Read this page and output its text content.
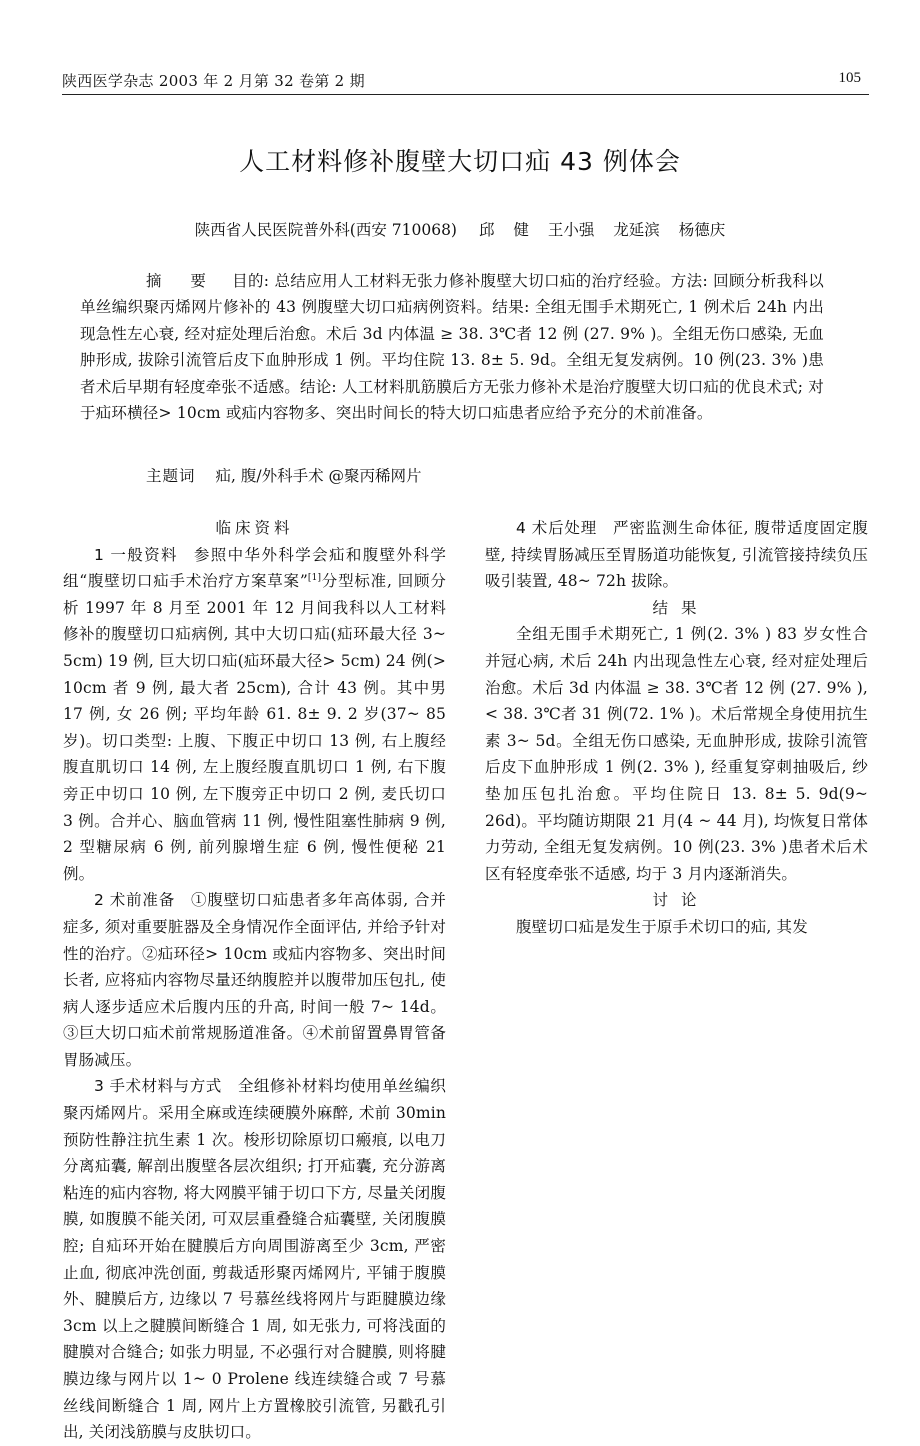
陕西医学杂志 2003 年 2 月第 32 卷第 2 期	105
人工材料修补腹壁大切口疝 43 例体会
陕西省人民医院普外科(西安 710068) 邱 健 王小强 龙延滨 杨德庆
摘 要 目的: 总结应用人工材料无张力修补腹壁大切口疝的治疗经验。方法: 回顾分析我科以单丝编织聚丙烯网片修补的 43 例腹壁大切口疝病例资料。结果: 全组无围手术期死亡, 1 例术后 24h 内出现急性左心衰, 经对症处理后治愈。术后 3d 内体温 ≥ 38. 3℃者 12 例 (27. 9% )。全组无伤口感染, 无血肿形成, 拔除引流管后皮下血肿形成 1 例。平均住院 13. 8± 5. 9d。全组无复发病例。10 例(23. 3% )患者术后早期有轻度牵张不适感。结论: 人工材料肌筋膜后方无张力修补术是治疗腹壁大切口疝的优良术式; 对于疝环横径> 10cm 或疝内容物多、突出时间长的特大切口疝患者应给予充分的术前准备。
主题词 疝, 腹/外科手术 @聚丙稀网片

临床资料

1 一般资料 参照中华外科学会疝和腹壁外科学组“腹壁切口疝手术治疗方案草案”[1]分型标准, 回顾分析 1997 年 8 月至 2001 年 12 月间我科以人工材料修补的腹壁切口疝病例, 其中大切口疝(疝环最大径 3~ 5cm) 19 例, 巨大切口疝(疝环最大径> 5cm) 24 例(> 10cm 者 9 例, 最大者 25cm), 合计 43 例。其中男 17 例, 女 26 例; 平均年龄 61. 8± 9. 2 岁(37~ 85 岁)。切口类型: 上腹、下腹正中切口 13 例, 右上腹经腹直肌切口 14 例, 左上腹经腹直肌切口 1 例, 右下腹旁正中切口 10 例, 左下腹旁正中切口 2 例, 麦氏切口 3 例。合并心、脑血管病 11 例, 慢性阻塞性肺病 9 例, 2 型糖尿病 6 例, 前列腺增生症 6 例, 慢性便秘 21 例。

2 术前准备 ①腹壁切口疝患者多年高体弱, 合并症多, 须对重要脏器及全身情况作全面评估, 并给予针对性的治疗。②疝环径> 10cm 或疝内容物多、突出时间长者, 应将疝内容物尽量还纳腹腔并以腹带加压包扎, 使病人逐步适应术后腹内压的升高, 时间一般 7~ 14d。③巨大切口疝术前常规肠道准备。④术前留置鼻胃管备胃肠减压。

3 手术材料与方式 全组修补材料均使用单丝编织聚丙烯网片。采用全麻或连续硬膜外麻醉, 术前 30min 预防性静注抗生素 1 次。梭形切除原切口瘢痕, 以电刀分离疝囊, 解剖出腹壁各层次组织; 打开疝囊, 充分游离粘连的疝内容物, 将大网膜平铺于切口下方, 尽量关闭腹膜, 如腹膜不能关闭, 可双层重叠缝合疝囊壁, 关闭腹膜腔; 自疝环开始在腱膜后方向周围游离至少 3cm, 严密止血, 彻底冲洗创面, 剪裁适形聚丙烯网片, 平铺于腹膜外、腱膜后方, 边缘以 7 号慕丝线将网片与距腱膜边缘 3cm 以上之腱膜间断缝合 1 周, 如无张力, 可将浅面的腱膜对合缝合; 如张力明显, 不必强行对合腱膜, 则将腱膜边缘与网片以 1~ 0 Prolene 线连续缝合或 7 号慕丝线间断缝合 1 周, 网片上方置橡胶引流管, 另戳孔引出, 关闭浅筋膜与皮肤切口。

4 术后处理 严密监测生命体征, 腹带适度固定腹壁, 持续胃肠减压至胃肠道功能恢复, 引流管接持续负压吸引装置, 48~ 72h 拔除。

结 果

全组无围手术期死亡, 1 例(2. 3% ) 83 岁女性合并冠心病, 术后 24h 内出现急性左心衰, 经对症处理后治愈。术后 3d 内体温 ≥ 38. 3℃者 12 例 (27. 9% ), < 38. 3℃者 31 例(72. 1% )。术后常规全身使用抗生素 3~ 5d。全组无伤口感染, 无血肿形成, 拔除引流管后皮下血肿形成 1 例(2. 3% ), 经重复穿刺抽吸后, 纱垫加压包扎治愈。平均住院日 13. 8± 5. 9d(9~ 26d)。平均随访期限 21 月(4 ~ 44 月), 均恢复日常体力劳动, 全组无复发病例。10 例(23. 3% )患者术后术区有轻度牵张不适感, 均于 3 月内逐渐消失。

讨 论

腹壁切口疝是发生于原手术切口的疝, 其发
